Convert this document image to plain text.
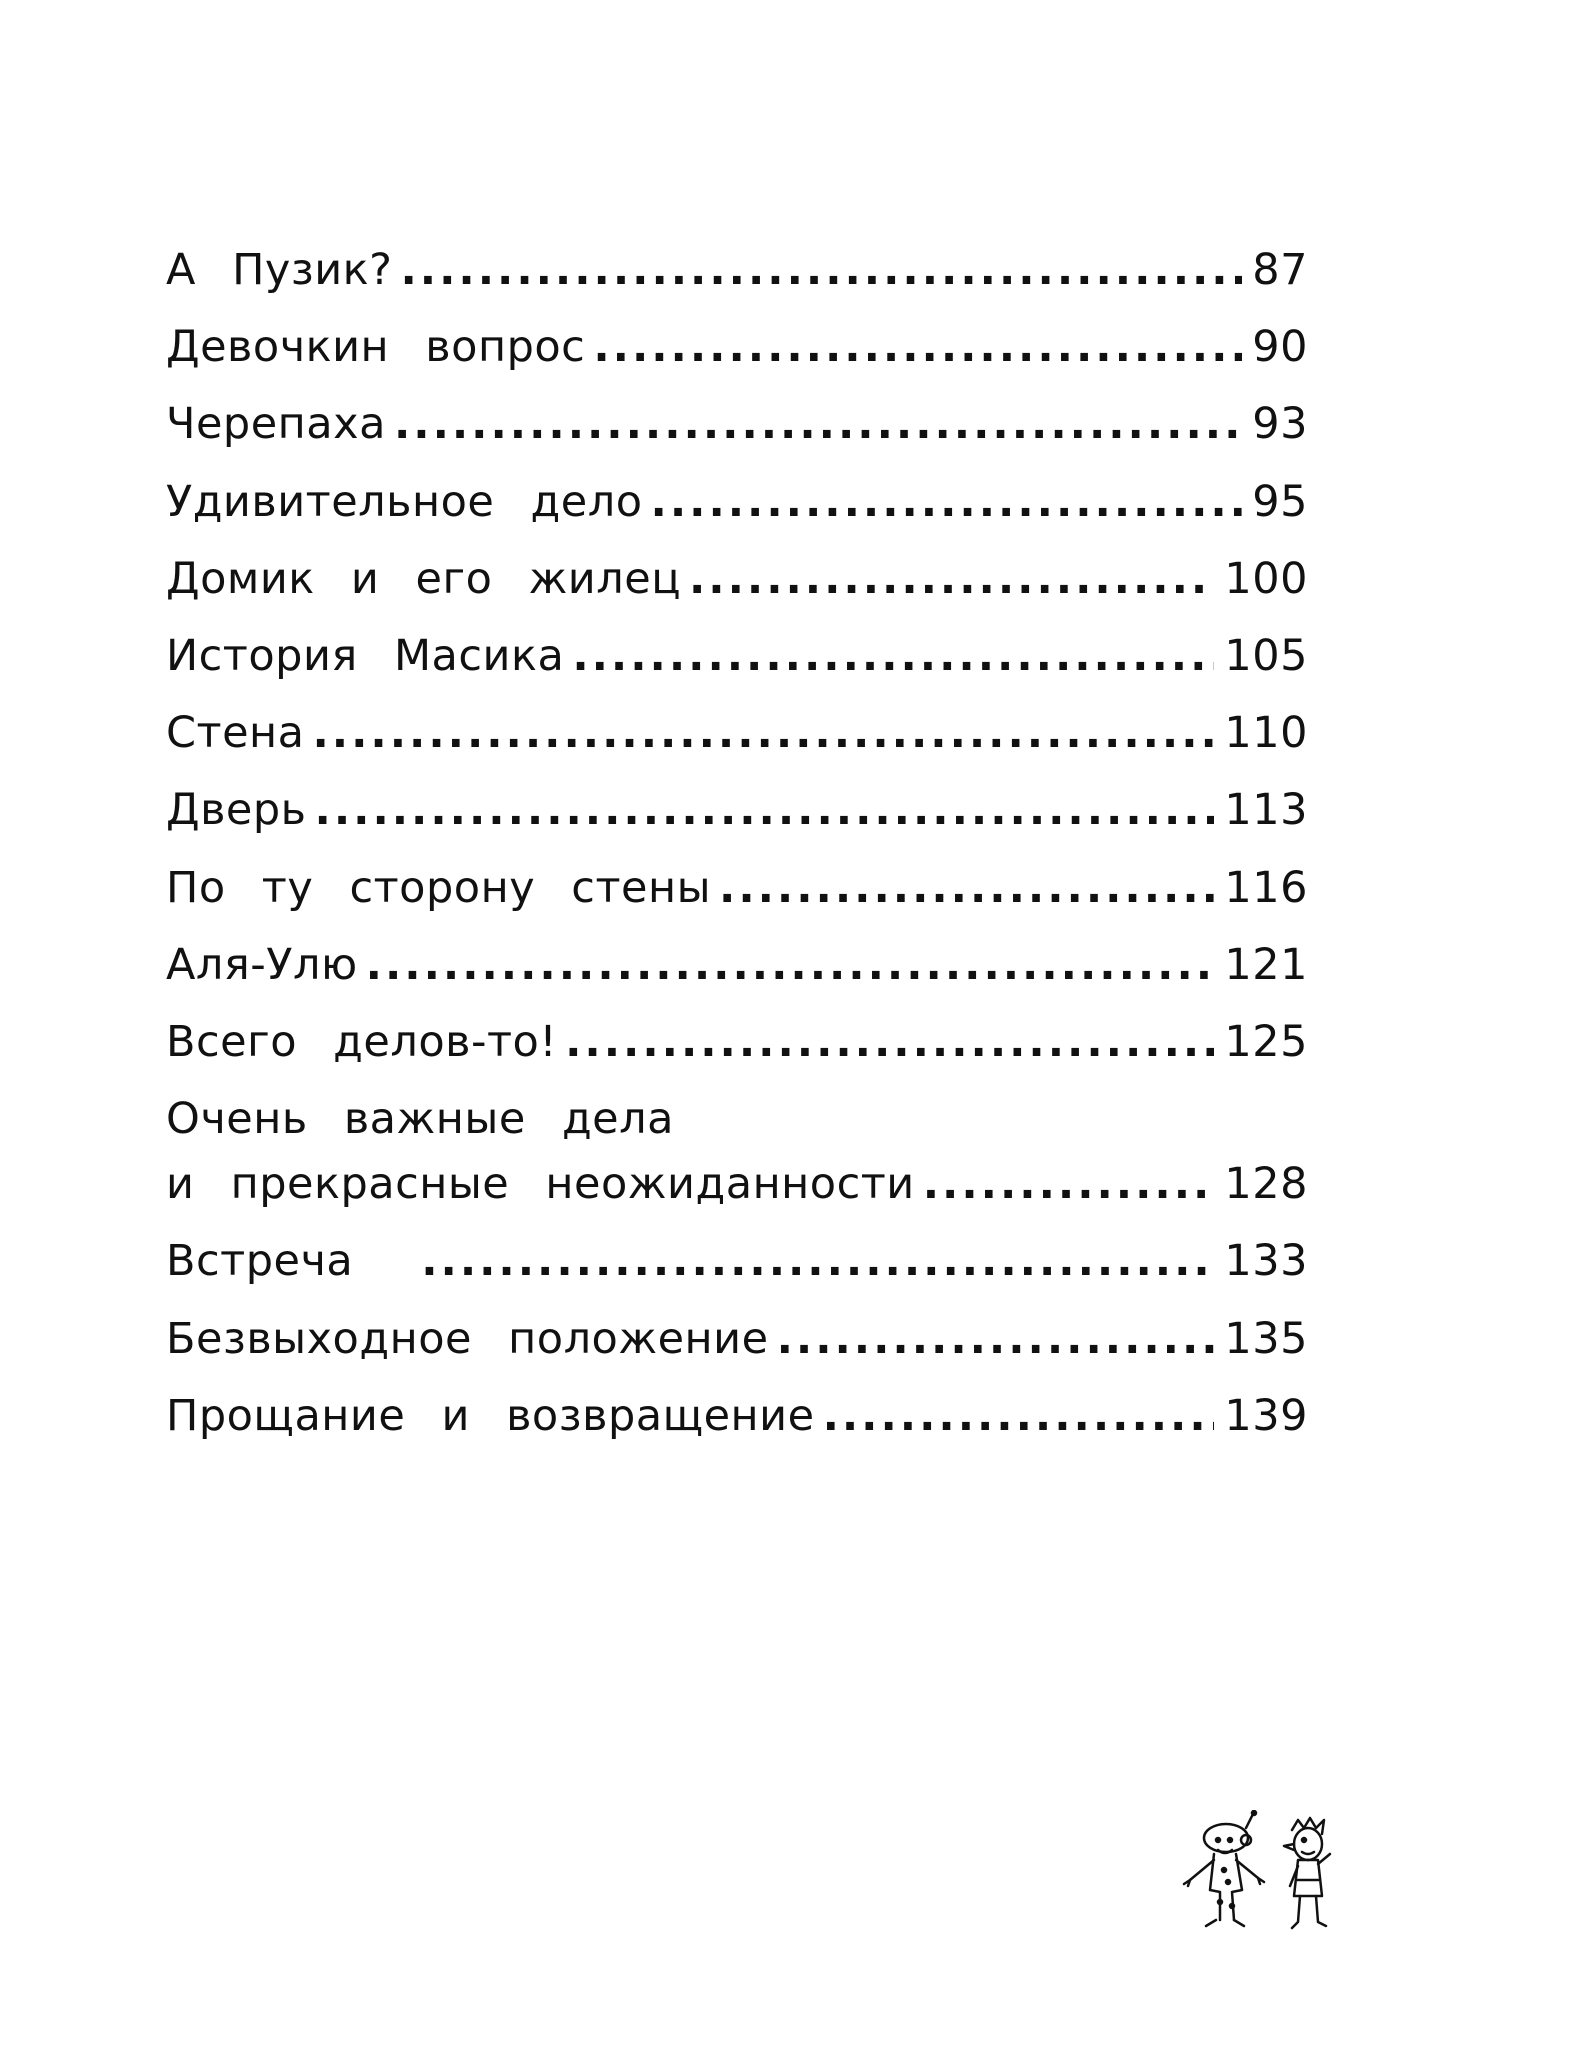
А Пузик? . . .	87
Девочкин вопрос . . .	90
Черепаха . . .	93
Удивительное дело . . .	95
Домик и его жилец . . .	100
История Масика . . .	105
Стена . . .	110
Дверь . . .	113
По ту сторону стены . . .	116
Аля-Улю . . .	121
Всего делов-то! . . .	125
Очень важные дела
и прекрасные неожиданности . . .	128
Встреча . . .	133
Безвыходное положение . . .	135
Прощание и возвращение . . .	139
